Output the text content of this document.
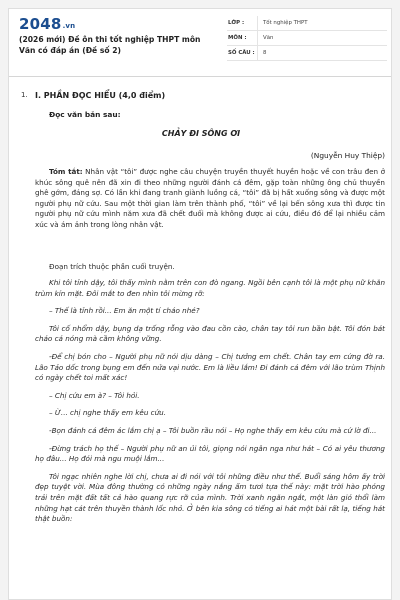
2048.vn
(2026 mới) Đề ôn thi tốt nghiệp THPT môn Văn có đáp án (Đề số 2)
LỚP :	Tốt nghiệp THPT
MÔN :	Văn
SỐ CÂU :	8
1. I. PHẦN ĐỌC HIỂU (4,0 điểm)
Đọc văn bản sau:
CHẢY ĐI SÔNG ƠI
(Nguyễn Huy Thiệp)
Tóm tắt: Nhân vật “tôi” được nghe câu chuyện truyền thuyết huyền hoặc về con trâu đen ở khúc sông quê nên đã xin đi theo những người đánh cá đêm, gặp toàn những ông chủ thuyền ghê gớm, đáng sợ. Có lần khi đang tranh giành luồng cá, “tôi” đã bị hất xuống sông và được một người phụ nữ cứu. Sau một thời gian làm trên thành phố, “tôi” về lại bến sông xưa thì được tin người phụ nữ cứu mình năm xưa đã chết đuối mà không được ai cứu, điều đó để lại nhiều cảm xúc và ám ảnh trong lòng nhân vật.
Đoạn trích thuộc phần cuối truyện.

Khi tôi tỉnh dậy, tôi thấy mình nằm trên con đò ngang. Ngồi bên cạnh tôi là một phụ nữ khăn trùm kín mặt. Đôi mắt to đen nhìn tôi mừng rỡ:

– Thế là tỉnh rồi... Em ăn một tí cháo nhé?

Tôi cố nhổm dậy, bụng dạ trống rỗng vào đau cồn cào, chân tay tôi run bần bật. Tôi đón bát cháo cá nóng mà cầm không vững.

-Để chị bón cho – Người phụ nữ nói dịu dàng – Chị tưởng em chết. Chân tay em cứng đờ ra. Lão Tảo dốc trong bụng em đến nửa vại nước. Em là liều lắm! Đi đánh cá đêm với lão trùm Thịnh có ngày chết toi mất xác!

– Chị cứu em à? – Tôi hỏi.

– Ừ... chị nghe thấy em kêu cứu.

-Bọn đánh cá đêm ác lắm chị ạ – Tôi buồn rầu nói – Họ nghe thấy em kêu cứu mà cứ lờ đi...

-Đừng trách họ thế – Người phụ nữ an ủi tôi, giọng nói ngân nga như hát – Có ai yêu thương họ đâu... Họ đói mà ngu muội lắm...

Tôi ngạc nhiên nghe lời chị, chưa ai đi nói với tôi những điều như thế. Buổi sáng hôm ấy trời đẹp tuyệt vời. Mùa đông thường có những ngày nắng ấm tươi tựa thế này: mặt trời hào phóng trải trên mặt đất tất cả hào quang rực rỡ của mình. Trời xanh ngăn ngắt, một làn gió thổi làm những hạt cát trên thuyền thành lốc nhỏ. Ở bên kia sông có tiếng ai hát một bài rất lạ, tiếng hát thật buồn:
